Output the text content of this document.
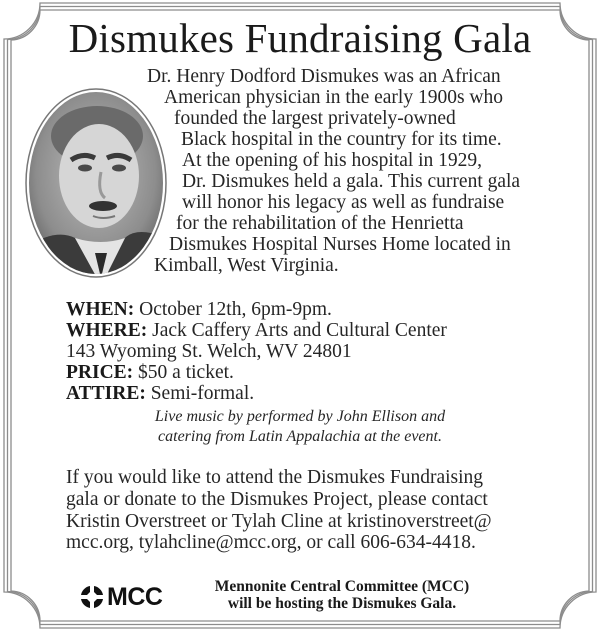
Dismukes Fundraising Gala
Dr. Henry Dodford Dismukes was an African
American physician in the early 1900s who
founded the largest privately-owned
Black hospital in the country for its time.
At the opening of his hospital in 1929,
Dr. Dismukes held a gala. This current gala
will honor his legacy as well as fundraise
for the rehabilitation of the Henrietta
Dismukes Hospital Nurses Home located in
Kimball, West Virginia.
WHEN: October 12th, 6pm-9pm.
WHERE: Jack Caffery Arts and Cultural Center
143 Wyoming St. Welch, WV 24801
PRICE: $50 a ticket.
ATTIRE: Semi-formal.
Live music by performed by John Ellison and
catering from Latin Appalachia at the event.
If you would like to attend the Dismukes Fundraising
gala or donate to the Dismukes Project, please contact
Kristin Overstreet or Tylah Cline at kristinoverstreet@
mcc.org, tylahcline@mcc.org, or call 606-634-4418.
MCC	Mennonite Central Committee (MCC)
will be hosting the Dismukes Gala.
